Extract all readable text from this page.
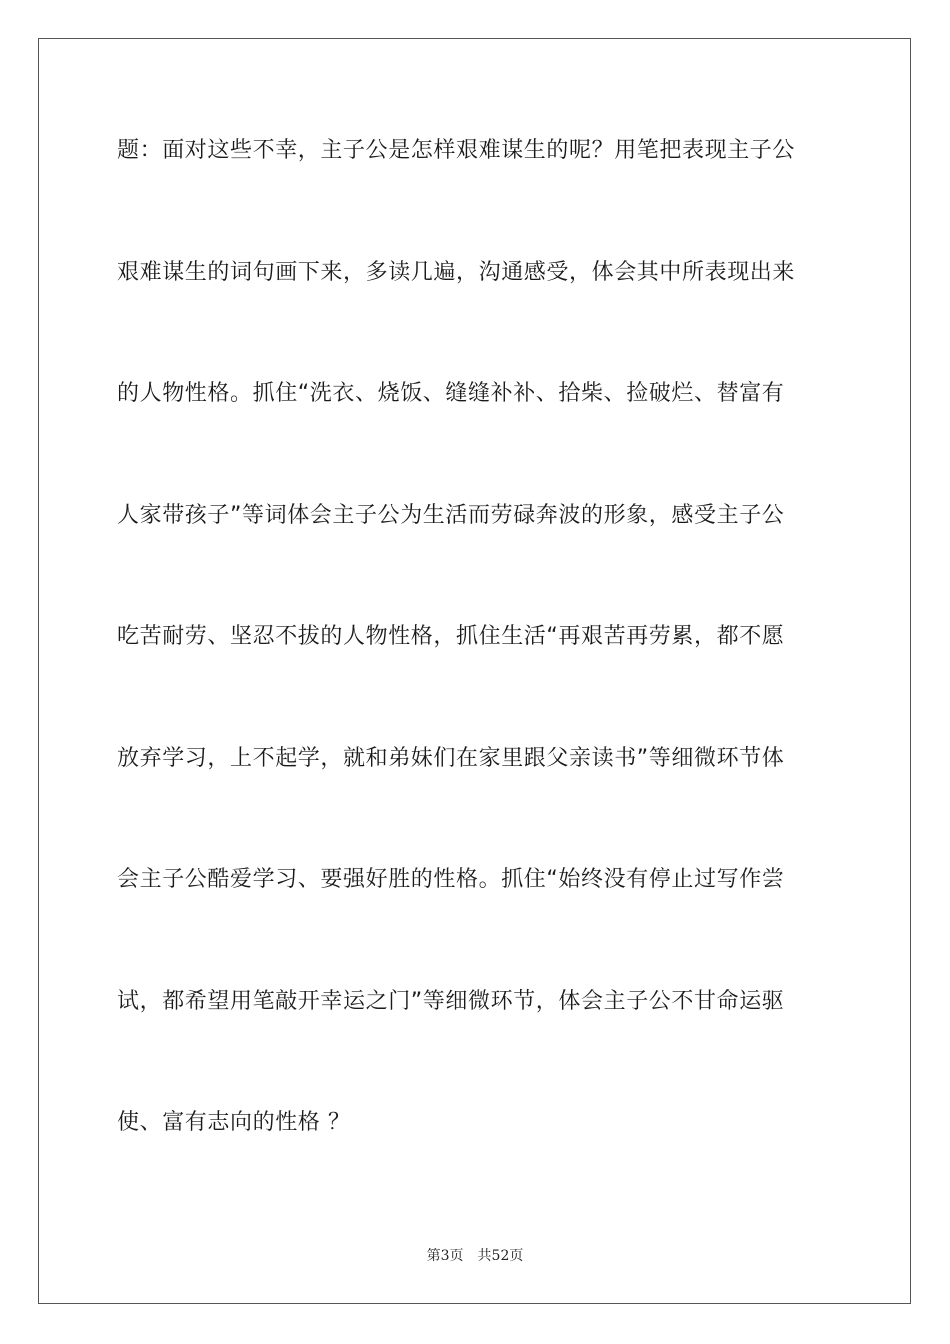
题：面对这些不幸，主子公是怎样艰难谋生的呢？用笔把表现主子公
艰难谋生的词句画下来，多读几遍，沟通感受，体会其中所表现出来
的人物性格。抓住“洗衣、烧饭、缝缝补补、拾柴、捡破烂、替富有
人家带孩子”等词体会主子公为生活而劳碌奔波的形象，感受主子公
吃苦耐劳、坚忍不拔的人物性格，抓住生活“再艰苦再劳累，都不愿
放弃学习，上不起学，就和弟妹们在家里跟父亲读书”等细微环节体
会主子公酷爱学习、要强好胜的性格。抓住“始终没有停止过写作尝
试，都希望用笔敲开幸运之门”等细微环节，体会主子公不甘命运驱
使、富有志向的性格 ？
第3页 共52页
